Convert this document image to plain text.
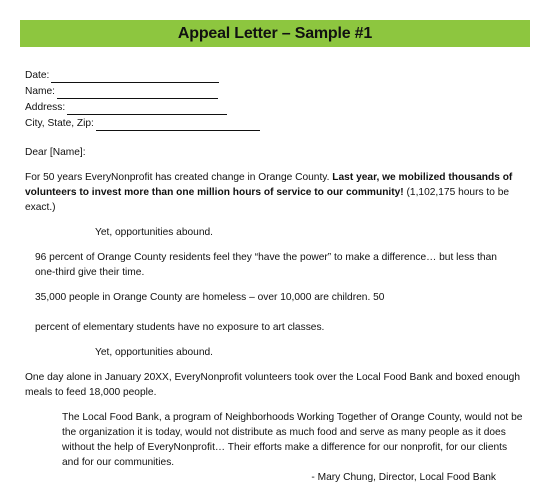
Appeal Letter – Sample #1
Date:
Name:
Address:
City, State, Zip:

Dear [Name]:

For 50 years EveryNonprofit has created change in Orange County. Last year, we mobilized thousands of volunteers to invest more than one million hours of service to our community! (1,102,175 hours to be exact.)

Yet, opportunities abound.

96 percent of Orange County residents feel they “have the power” to make a difference… but less than one-third give their time.

35,000 people in Orange County are homeless – over 10,000 are children. 50

percent of elementary students have no exposure to art classes.

Yet, opportunities abound.

One day alone in January 20XX, EveryNonprofit volunteers took over the Local Food Bank and boxed enough meals to feed 18,000 people.

The Local Food Bank, a program of Neighborhoods Working Together of Orange County, would not be the organization it is today, would not distribute as much food and serve as many people as it does without the help of EveryNonprofit… Their efforts make a difference for our nonprofit, for our clients and for our communities.

- Mary Chung, Director, Local Food Bank
